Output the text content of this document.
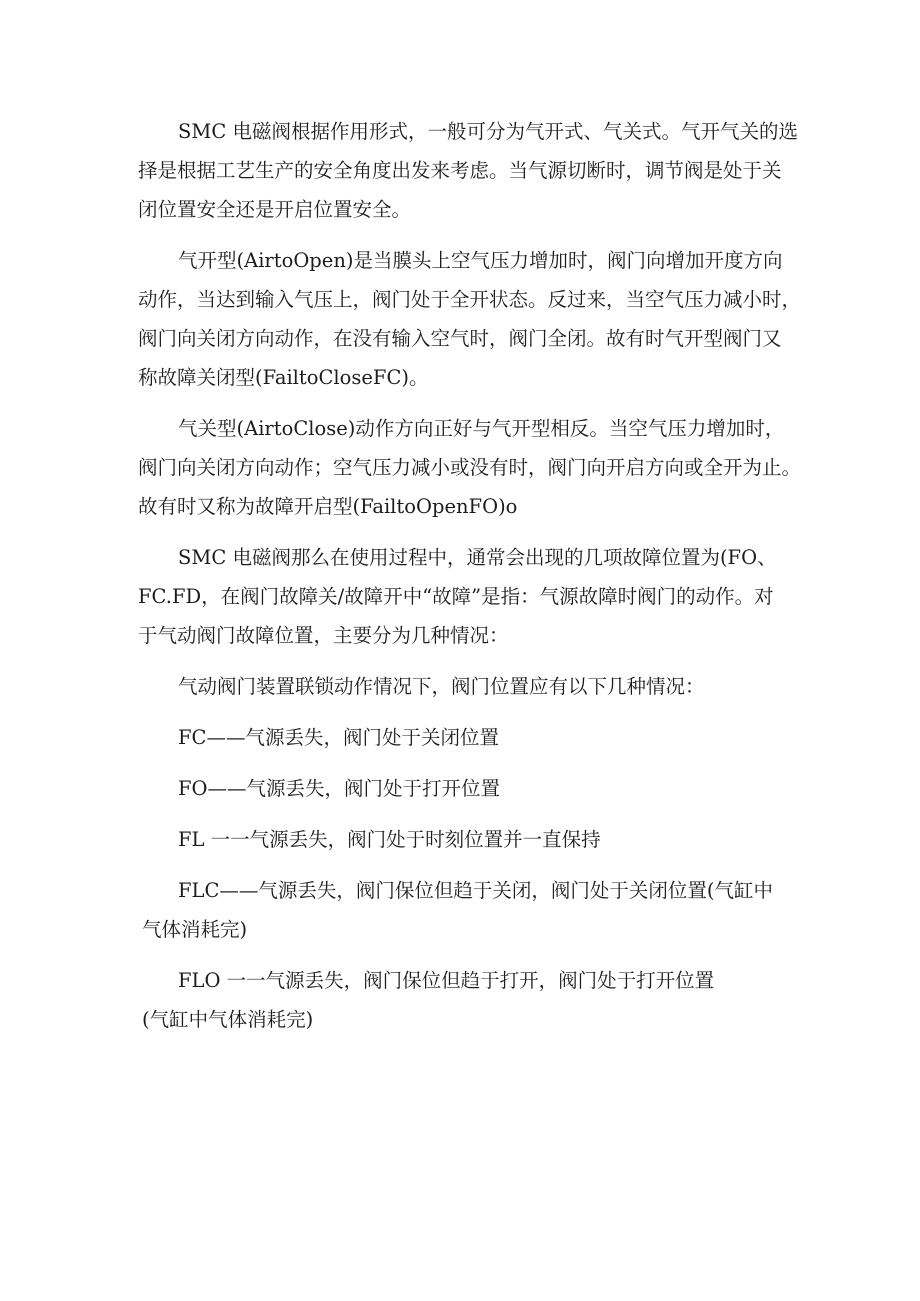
SMC 电磁阀根据作用形式，一般可分为气开式、气关式。气开气关的选
择是根据工艺生产的安全角度出发来考虑。当气源切断时，调节阀是处于关
闭位置安全还是开启位置安全。

气开型(AirtoOpen)是当膜头上空气压力增加时，阀门向增加开度方向
动作，当达到输入气压上，阀门处于全开状态。反过来，当空气压力减小时，
阀门向关闭方向动作，在没有输入空气时，阀门全闭。故有时气开型阀门又
称故障关闭型(FailtoCloseFC)。

气关型(AirtoClose)动作方向正好与气开型相反。当空气压力增加时，
阀门向关闭方向动作；空气压力减小或没有时，阀门向开启方向或全开为止。
故有时又称为故障开启型(FailtoOpenFO)o

SMC 电磁阀那么在使用过程中，通常会出现的几项故障位置为(FO、
FC.FD，在阀门故障关/故障开中“故障”是指：气源故障时阀门的动作。对
于气动阀门故障位置，主要分为几种情况：

气动阀门装置联锁动作情况下，阀门位置应有以下几种情况：

FC——气源丢失，阀门处于关闭位置
FO——气源丢失，阀门处于打开位置
FL 一一气源丢失，阀门处于时刻位置并一直保持
FLC——气源丢失，阀门保位但趋于关闭，阀门处于关闭位置(气缸中
气体消耗完)
FLO 一一气源丢失，阀门保位但趋于打开，阀门处于打开位置
(气缸中气体消耗完)
